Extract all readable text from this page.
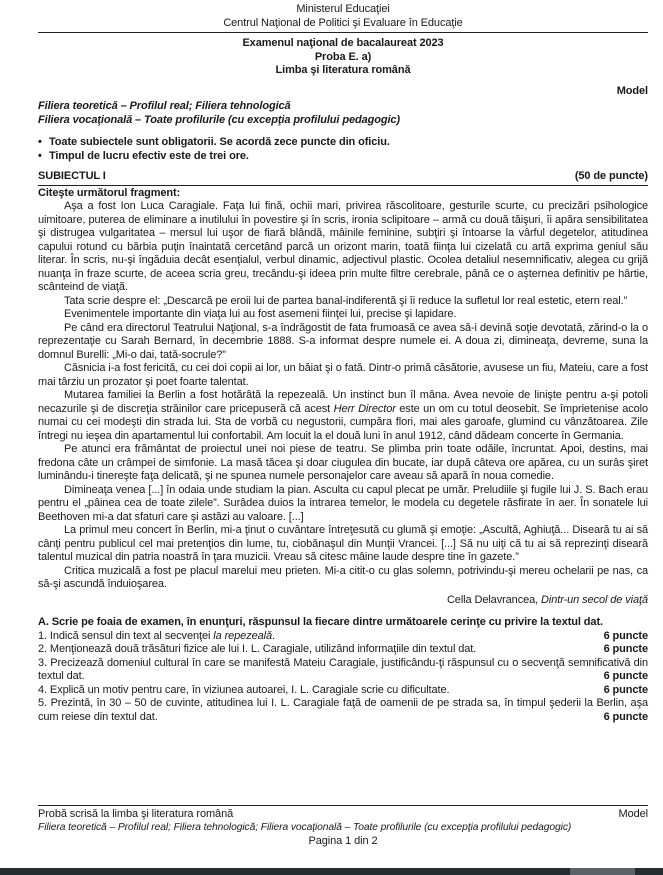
Ministerul Educaţiei
Centrul Naţional de Politici şi Evaluare în Educaţie
Examenul naţional de bacalaureat 2023
Proba E. a)
Limba şi literatura română
Model
Filiera teoretică – Profilul real; Filiera tehnologică
Filiera vocaţională – Toate profilurile (cu excepţia profilului pedagogic)
• Toate subiectele sunt obligatorii. Se acordă zece puncte din oficiu.
• Timpul de lucru efectiv este de trei ore.
SUBIECTUL I	(50 de puncte)
Citeşte următorul fragment:

Aşa a fost Ion Luca Caragiale. Faţa lui fină, ochii mari, privirea răscolitoare, gesturile scurte, cu precizări psihologice uimitoare, puterea de eliminare a inutilului în povestire şi în scris, ironia sclipitoare – armă cu două tăişuri, îi apăra sensibilitatea şi distrugea vulgaritatea – mersul lui uşor de fiară blândă, mâinile feminine, subţiri şi întoarse la vârful degetelor, atitudinea capului rotund cu bărbia puţin înaintată cercetând parcă un orizont marin, toată fiinţa lui cizelată cu artă exprima geniul său literar. În scris, nu-şi îngăduia decât esenţialul, verbul dinamic, adjectivul plastic. Ocolea detaliul nesemnificativ, alegea cu grijă nuanţa în fraze scurte, de aceea scria greu, trecându-şi ideea prin multe filtre cerebrale, până ce o aşternea definitiv pe hârtie, scânteind de viaţă.

Tata scrie despre el: „Descarcă pe eroii lui de partea banal-indiferentă şi îi reduce la sufletul lor real estetic, etern real.”

Evenimentele importante din viaţa lui au fost asemeni fiinţei lui, precise şi lapidare.

Pe când era directorul Teatrului Naţional, s-a îndrăgostit de fata frumoasă ce avea să-i devină soţie devotată, zărind-o la o reprezentaţie cu Sarah Bernard, în decembrie 1888. S-a informat despre numele ei. A doua zi, dimineaţa, devreme, suna la domnul Burelli: „Mi-o dai, tată-socrule?”

Căsnicia i-a fost fericită, cu cei doi copii ai lor, un băiat şi o fată. Dintr-o primă căsătorie, avusese un fiu, Mateiu, care a fost mai târziu un prozator şi poet foarte talentat.

Mutarea familiei la Berlin a fost hotărâtă la repezeală. Un instinct bun îl mâna. Avea nevoie de linişte pentru a-şi potoli necazurile şi de discreţia străinilor care pricepuseră că acest Herr Director este un om cu totul deosebit. Se împrietenise acolo numai cu cei modeşti din strada lui. Sta de vorbă cu negustorii, cumpăra flori, mai ales garoafe, glumind cu vânzătoarea. Zile întregi nu ieşea din apartamentul lui confortabil. Am locuit la el două luni în anul 1912, când dădeam concerte în Germania.

Pe atunci era frământat de proiectul unei noi piese de teatru. Se plimba prin toate odăile, încruntat. Apoi, destins, mai fredona câte un crâmpei de simfonie. La masă tăcea şi doar ciugulea din bucate, iar după câteva ore apărea, cu un surâs şiret luminându-i tinereşte faţa delicată, şi ne spunea numele personajelor care aveau să apară în noua comedie.

Dimineaţa venea [...] în odaia unde studiam la pian. Asculta cu capul plecat pe umăr. Preludiile şi fugile lui J. S. Bach erau pentru el „pâinea cea de toate zilele”. Surâdea duios la intrarea temelor, le modela cu degetele răsfirate în aer. În sonatele lui Beethoven mi-a dat sfaturi care şi astăzi au valoare. [...]

La primul meu concert în Berlin, mi-a ţinut o cuvântare întreţesută cu glumă şi emoţie: „Ascultă, Aghiuţă... Diseară tu ai să cânţi pentru publicul cel mai pretenţios din lume, tu, ciobănaşul din Munţii Vrancei. [...] Să nu uiţi că tu ai să reprezinţi diseară talentul muzical din patria noastră în ţara muzicii. Vreau să citesc mâine laude despre tine în gazete.”

Critica muzicală a fost pe placul marelui meu prieten. Mi-a citit-o cu glas solemn, potrivindu-şi mereu ochelarii pe nas, ca să-şi ascundă înduioşarea.

Cella Delavrancea, Dintr-un secol de viaţă

A. Scrie pe foaia de examen, în enunţuri, răspunsul la fiecare dintre următoarele cerinţe cu privire la textul dat.
1. Indică sensul din text al secvenţei la repezeală.	6 puncte
2. Menţionează două trăsături fizice ale lui I. L. Caragiale, utilizând informaţiile din textul dat.	6 puncte
3. Precizează domeniul cultural în care se manifestă Mateiu Caragiale, justificându-ţi răspunsul cu o secvenţă semnificativă din textul dat.	6 puncte
4. Explică un motiv pentru care, în viziunea autoarei, I. L. Caragiale scrie cu dificultate.	6 puncte
5. Prezintă, în 30 – 50 de cuvinte, atitudinea lui I. L. Caragiale faţă de oamenii de pe strada sa, în timpul şederii la Berlin, aşa cum reiese din textul dat.	6 puncte
Probă scrisă la limba şi literatura română	Model
Filiera teoretică – Profilul real; Filiera tehnologică; Filiera vocaţională – Toate profilurile (cu excepţia profilului pedagogic)
Pagina 1 din 2
